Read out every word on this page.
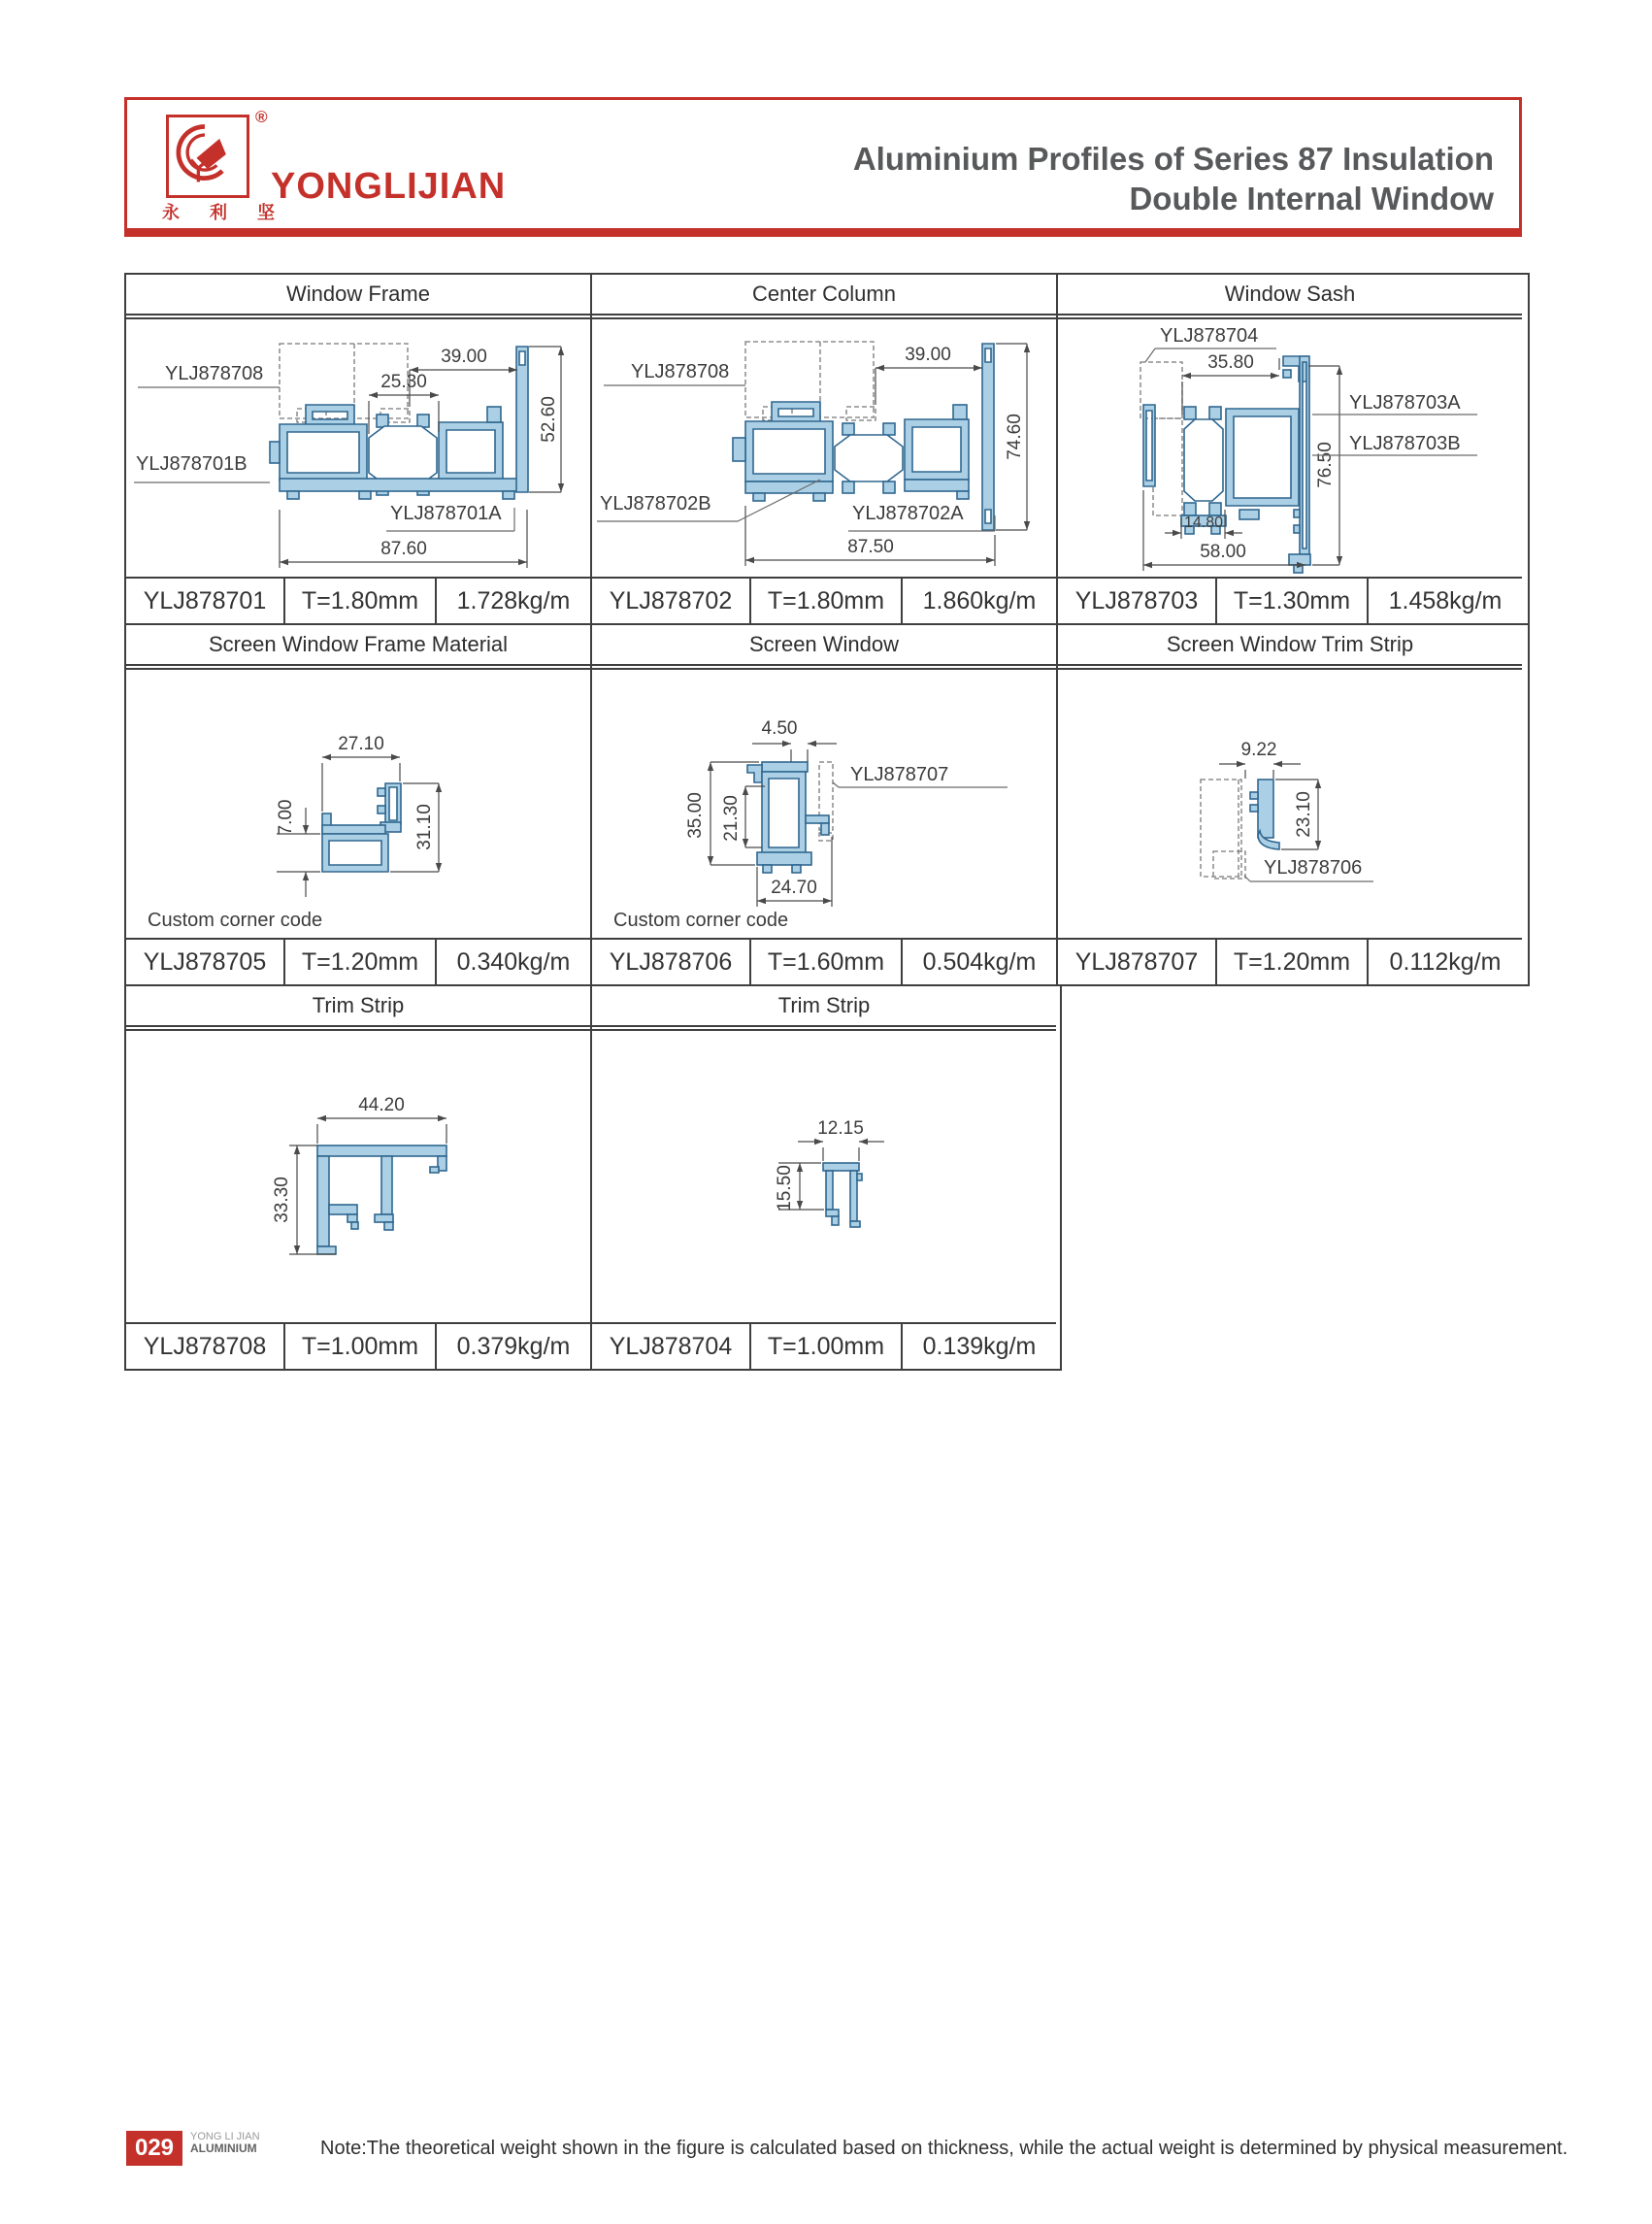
®
永 利 坚
YONGLIJIAN
Aluminium Profiles of Series 87 Insulation
Double Internal Window
Window Frame
39.00
25.30
52.60
87.60
YLJ878708
YLJ878701B
YLJ878701A
YLJ878701	T=1.80mm	1.728kg/m
Center Column
39.00
74.60
87.50
YLJ878708
YLJ878702B	YLJ878702A
YLJ878702	T=1.80mm	1.860kg/m
Window Sash
35.80
14.80
58.00
76.50
YLJ878704
YLJ878703A
YLJ878703B
YLJ878703	T=1.30mm	1.458kg/m
Screen Window Frame Material
27.10
7.00	31.10
Custom corner code
YLJ878705	T=1.20mm	0.340kg/m
Screen Window
4.50
35.00 21.30
24.70
YLJ878707
Custom corner code
YLJ878706	T=1.60mm	0.504kg/m
Screen Window Trim Strip
9.22
23.10
YLJ878706
YLJ878707	T=1.20mm	0.112kg/m
Trim Strip
44.20
33.30
YLJ878708	T=1.00mm	0.379kg/m
Trim Strip
12.15
15.50
YLJ878704	T=1.00mm	0.139kg/m
029	YONG LI JIAN
ALUMINIUM	Note:The theoretical weight shown in the figure is calculated based on thickness, while the actual weight is determined by physical measurement.
